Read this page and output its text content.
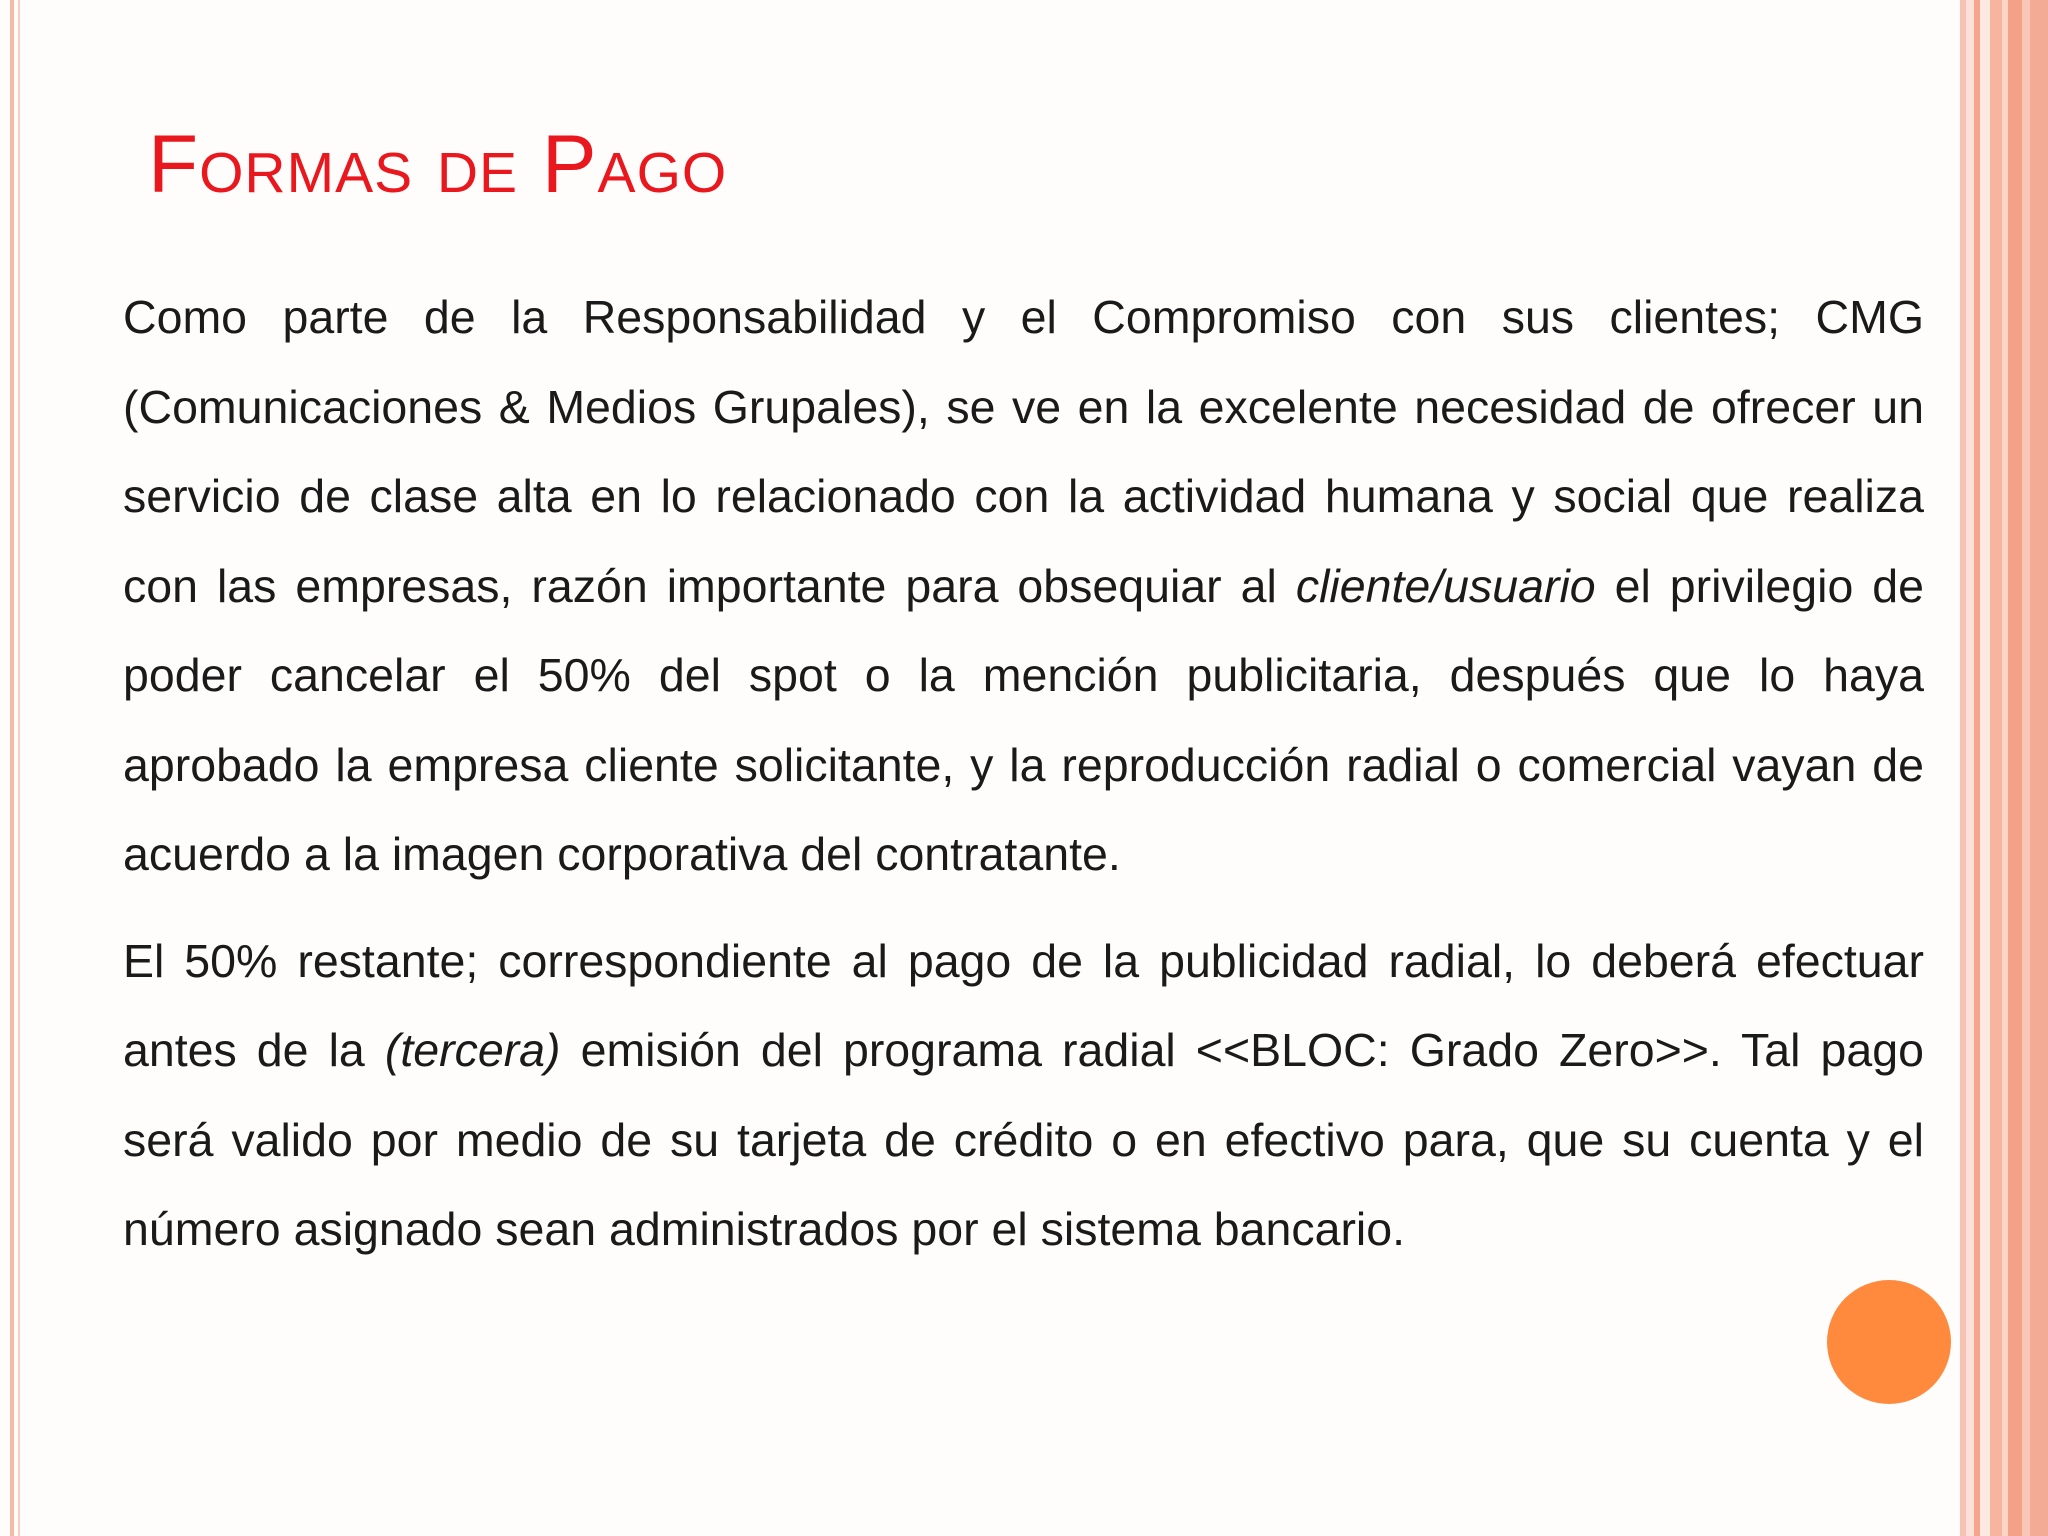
Formas de Pago

Como parte de la Responsabilidad y el Compromiso con sus clientes; CMG (Comunicaciones & Medios Grupales), se ve en la excelente necesidad de ofrecer un servicio de clase alta en lo relacionado con la actividad humana y social que realiza con las empresas, razón importante para obsequiar al cliente/usuario el privilegio de poder cancelar el 50% del spot o la mención publicitaria, después que lo haya aprobado la empresa cliente solicitante, y la reproducción radial o comercial vayan de acuerdo a la imagen corporativa del contratante.

El 50% restante; correspondiente al pago de la publicidad radial, lo deberá efectuar antes de la (tercera) emisión del programa radial <<BLOC: Grado Zero>>. Tal pago será valido por medio de su tarjeta de crédito o en efectivo para, que su cuenta y el número asignado sean administrados por el sistema bancario.
